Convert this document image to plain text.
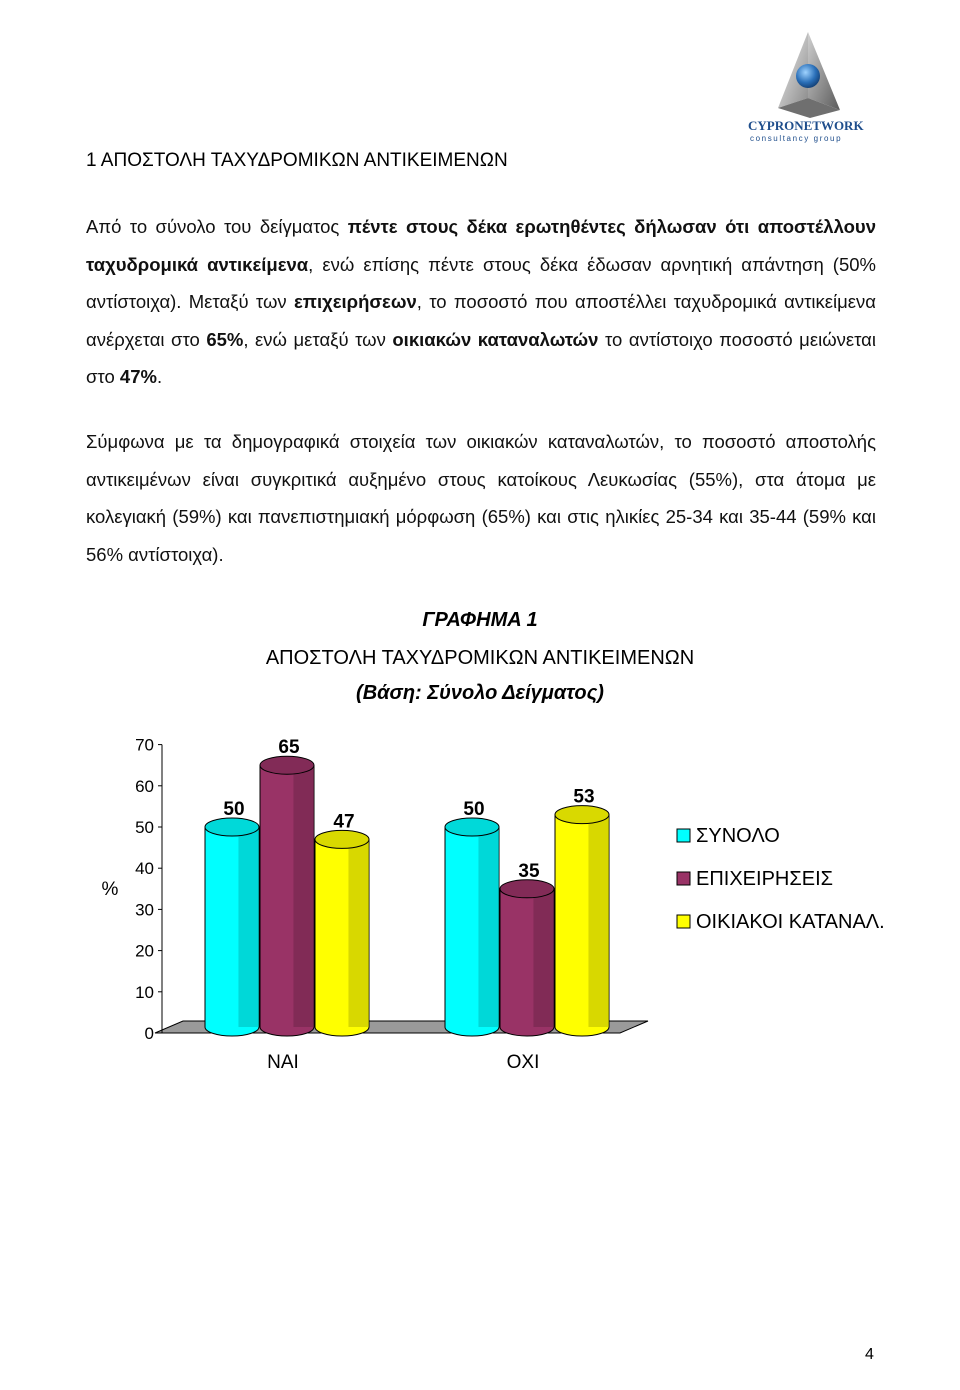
CYPRONETWORK
consultancy group
1 ΑΠΟΣΤΟΛΗ ΤΑΧΥΔΡΟΜΙΚΩΝ ΑΝΤΙΚΕΙΜΕΝΩΝ
Από το σύνολο του δείγματος πέντε στους δέκα ερωτηθέντες δήλωσαν ότι αποστέλλουν ταχυδρομικά αντικείμενα, ενώ επίσης πέντε στους δέκα έδωσαν αρνητική απάντηση (50% αντίστοιχα). Μεταξύ των επιχειρήσεων, το ποσοστό που αποστέλλει ταχυδρομικά αντικείμενα ανέρχεται στο 65%, ενώ μεταξύ των οικιακών καταναλωτών το αντίστοιχο ποσοστό μειώνεται στο 47%.
Σύμφωνα με τα δημογραφικά στοιχεία των οικιακών καταναλωτών, το ποσοστό αποστολής αντικειμένων είναι συγκριτικά αυξημένο στους κατοίκους Λευκωσίας (55%), στα άτομα με κολεγιακή (59%) και πανεπιστημιακή μόρφωση (65%) και στις ηλικίες 25-34 και 35-44 (59% και 56% αντίστοιχα).
ΓΡΑΦΗΜΑ 1
ΑΠΟΣΤΟΛΗ ΤΑΧΥΔΡΟΜΙΚΩΝ ΑΝΤΙΚΕΙΜΕΝΩΝ
(Βάση: Σύνολο Δείγματος)
0
10
20
30
40
50
60
70
%
50
65
47
ΝΑΙ
50
35
53
ΟΧΙ
ΣΥΝΟΛΟ
ΕΠΙΧΕΙΡΗΣΕΙΣ
ΟΙΚΙΑΚΟΙ ΚΑΤΑΝΑΛ.
4
